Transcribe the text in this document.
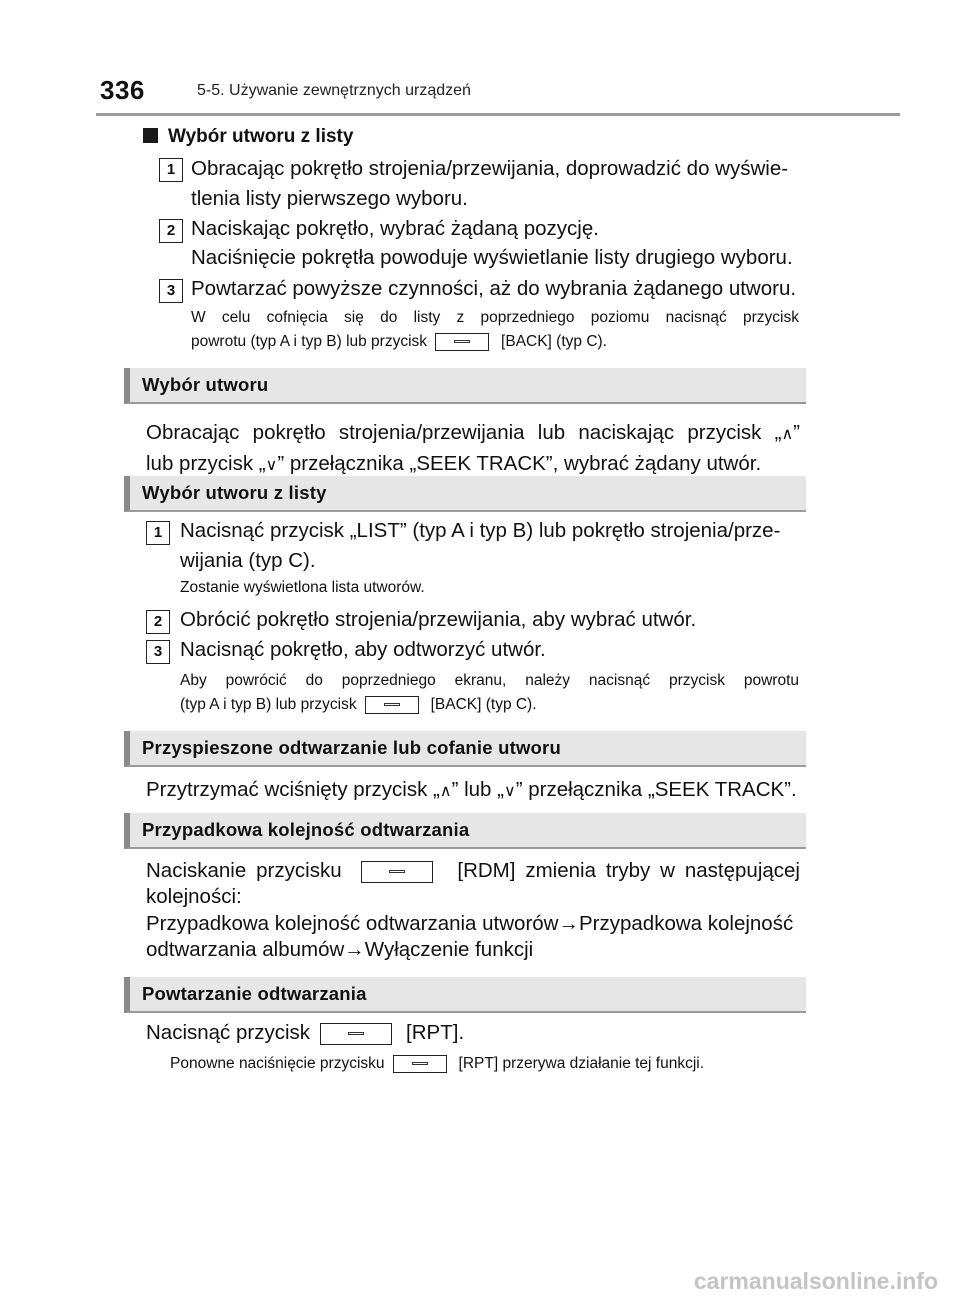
336	5-5. Używanie zewnętrznych urządzeń
Wybór utworu z listy
1 Obracając pokrętło strojenia/przewijania, doprowadzić do wyświe-
tlenia listy pierwszego wyboru.
2 Naciskając pokrętło, wybrać żądaną pozycję.
Naciśnięcie pokrętła powoduje wyświetlanie listy drugiego wyboru.
3 Powtarzać powyższe czynności, aż do wybrania żądanego utworu.
W celu cofnięcia się do listy z poprzedniego poziomu nacisnąć przycisk
powrotu (typ A i typ B) lub przycisk	[BACK] (typ C).
Wybór utworu
Obracając pokrętło strojenia/przewijania lub naciskając przycisk „∧”
lub przycisk „∨” przełącznika „SEEK TRACK”, wybrać żądany utwór.
Wybór utworu z listy
1 Nacisnąć przycisk „LIST” (typ A i typ B) lub pokrętło strojenia/prze-
wijania (typ C).
Zostanie wyświetlona lista utworów.
2 Obrócić pokrętło strojenia/przewijania, aby wybrać utwór.
3 Nacisnąć pokrętło, aby odtworzyć utwór.
Aby powrócić do poprzedniego ekranu, należy nacisnąć przycisk powrotu
(typ A i typ B) lub przycisk	[BACK] (typ C).
Przyspieszone odtwarzanie lub cofanie utworu
Przytrzymać wciśnięty przycisk „∧” lub „∨” przełącznika „SEEK TRACK”.
Przypadkowa kolejność odtwarzania
Naciskanie przycisku	[RDM] zmienia tryby w następującej
kolejności:
Przypadkowa kolejność odtwarzania utworów→Przypadkowa kolejność
odtwarzania albumów→Wyłączenie funkcji
Powtarzanie odtwarzania
Nacisnąć przycisk	[RPT].
Ponowne naciśnięcie przycisku	[RPT] przerywa działanie tej funkcji.
carmanualsonline.info
